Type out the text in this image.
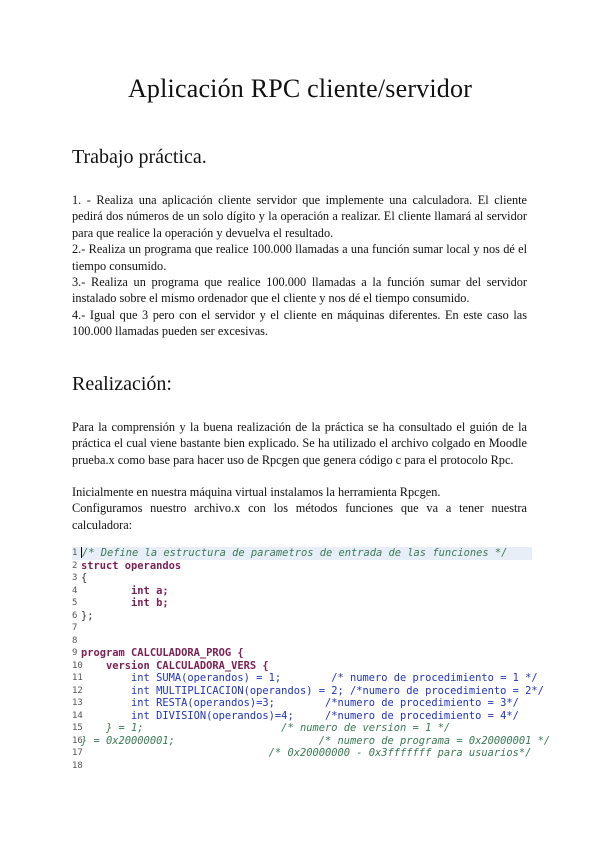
Aplicación RPC cliente/servidor
Trabajo práctica.
1. - Realiza una aplicación cliente servidor que implemente una calculadora. El cliente pedirá dos números de un solo dígito y la operación a realizar. El cliente llamará al servidor para que realice la operación y devuelva el resultado.
2.- Realiza un programa que realice 100.000 llamadas a una función sumar local y nos dé el tiempo consumido.
3.- Realiza un programa que realice 100.000 llamadas a la función sumar del servidor instalado sobre el mismo ordenador que el cliente y nos dé el tiempo consumido.
4.- Igual que 3 pero con el servidor y el cliente en máquinas diferentes. En este caso las 100.000 llamadas pueden ser excesivas.
Realización:
Para la comprensión y la buena realización de la práctica se ha consultado el guión de la práctica el cual viene bastante bien explicado. Se ha utilizado el archivo colgado en Moodle prueba.x como base para hacer uso de Rpcgen que genera código c para el protocolo Rpc.
Inicialmente en nuestra máquina virtual instalamos la herramienta Rpcgen.
Configuramos nuestro archivo.x con los métodos funciones que va a tener nuestra calculadora:
1 /* Define la estructura de parametros de entrada de las funciones */
2 struct operandos
3 {
4 int a;
5 int b;
6 };
7
8
9 program CALCULADORA_PROG {
10
version CALCULADORA_VERS {
11
int SUMA(operandos) = 1;        /* numero de procedimiento = 1 */
12
int MULTIPLICACION(operandos) = 2; /*numero de procedimiento = 2*/
13
int RESTA(operandos)=3;        /*numero de procedimiento = 3*/
14
int DIVISION(operandos)=4;     /*numero de procedimiento = 4*/
15
} = 1;                      /* numero de version = 1 */
16
} = 0x20000001;                       /* numero de programa = 0x20000001 */
17
/* 0x20000000 - 0x3fffffff para usuarios*/
18
